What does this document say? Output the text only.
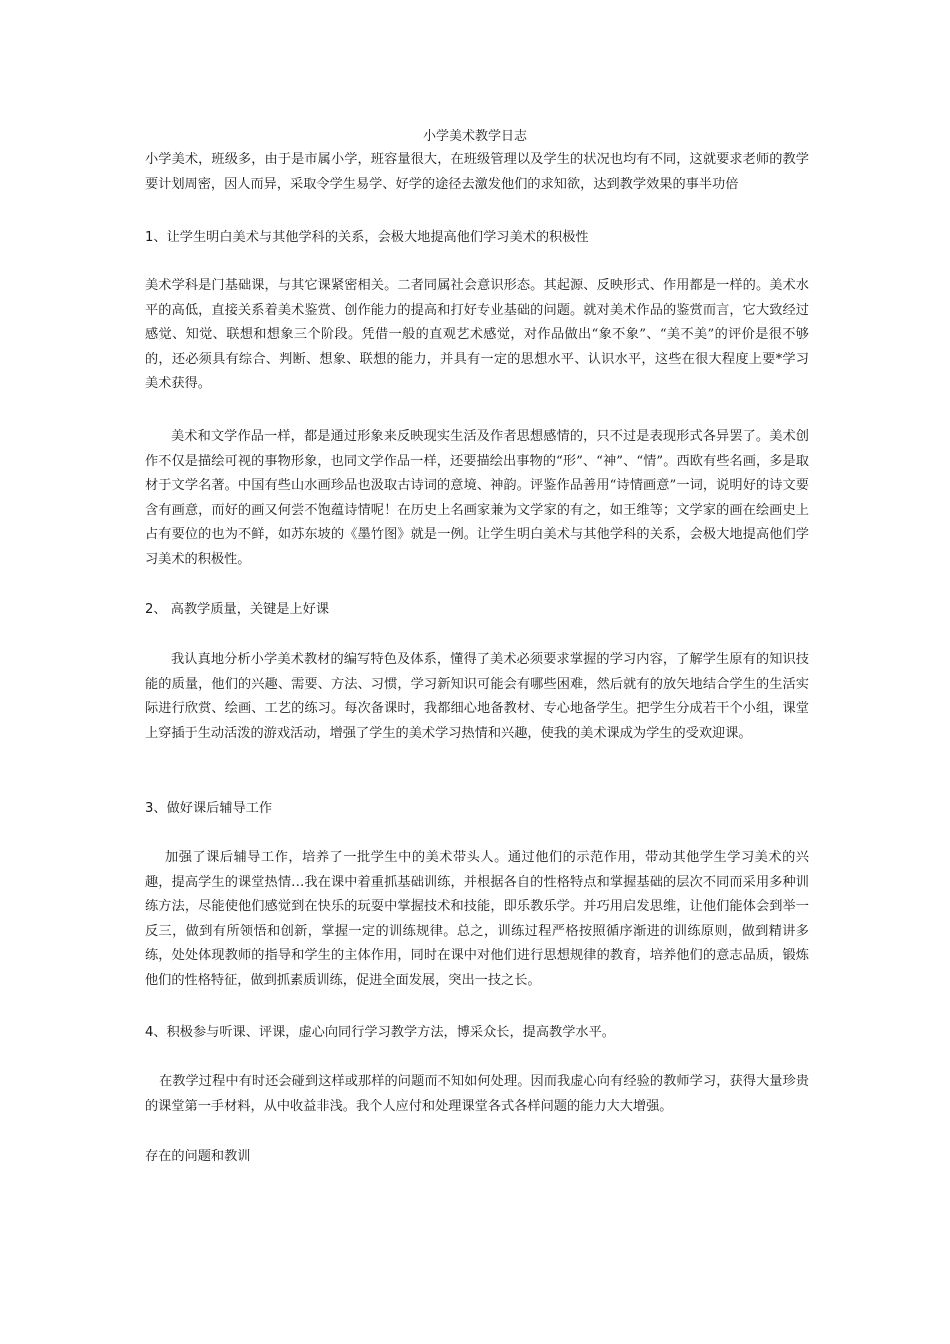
小学美术教学日志

小学美术，班级多，由于是市属小学，班容量很大，在班级管理以及学生的状况也均有不同，这就要求老师的教学要计划周密，因人而异，采取令学生易学、好学的途径去激发他们的求知欲，达到教学效果的事半功倍

1、让学生明白美术与其他学科的关系，会极大地提高他们学习美术的积极性

美术学科是门基础课，与其它课紧密相关。二者同属社会意识形态。其起源、反映形式、作用都是一样的。美术水平的高低，直接关系着美术鉴赏、创作能力的提高和打好专业基础的问题。就对美术作品的鉴赏而言，它大致经过感觉、知觉、联想和想象三个阶段。凭借一般的直观艺术感觉，对作品做出“象不象”、“美不美”的评价是很不够的，还必须具有综合、判断、想象、联想的能力，并具有一定的思想水平、认识水平，这些在很大程度上要*学习美术获得。

美术和文学作品一样，都是通过形象来反映现实生活及作者思想感情的，只不过是表现形式各异罢了。美术创作不仅是描绘可视的事物形象，也同文学作品一样，还要描绘出事物的“形”、“神”、“情”。西欧有些名画，多是取材于文学名著。中国有些山水画珍品也汲取古诗词的意境、神韵。评鉴作品善用“诗情画意”一词，说明好的诗文要含有画意，而好的画又何尝不饱蕴诗情呢！在历史上名画家兼为文学家的有之，如王维等；文学家的画在绘画史上占有要位的也为不鲜，如苏东坡的《墨竹图》就是一例。让学生明白美术与其他学科的关系，会极大地提高他们学习美术的积极性。

2、 高教学质量，关键是上好课

我认真地分析小学美术教材的编写特色及体系，懂得了美术必须要求掌握的学习内容，了解学生原有的知识技能的质量，他们的兴趣、需要、方法、习惯，学习新知识可能会有哪些困难，然后就有的放矢地结合学生的生活实际进行欣赏、绘画、工艺的练习。每次备课时，我都细心地备教材、专心地备学生。把学生分成若干个小组，课堂上穿插于生动活泼的游戏活动，增强了学生的美术学习热情和兴趣，使我的美术课成为学生的受欢迎课。

3、做好课后辅导工作

加强了课后辅导工作，培养了一批学生中的美术带头人。通过他们的示范作用，带动其他学生学习美术的兴趣，提高学生的课堂热情…我在课中着重抓基础训练，并根据各自的性格特点和掌握基础的层次不同而采用多种训练方法，尽能使他们感觉到在快乐的玩耍中掌握技术和技能，即乐教乐学。并巧用启发思维，让他们能体会到举一反三，做到有所领悟和创新，掌握一定的训练规律。总之，训练过程严格按照循序渐进的训练原则，做到精讲多练，处处体现教师的指导和学生的主体作用，同时在课中对他们进行思想规律的教育，培养他们的意志品质，锻炼他们的性格特征，做到抓素质训练，促进全面发展，突出一技之长。

4、积极参与听课、评课，虚心向同行学习教学方法，博采众长，提高教学水平。

在教学过程中有时还会碰到这样或那样的问题而不知如何处理。因而我虚心向有经验的教师学习，获得大量珍贵的课堂第一手材料，从中收益非浅。我个人应付和处理课堂各式各样问题的能力大大增强。

存在的问题和教训
